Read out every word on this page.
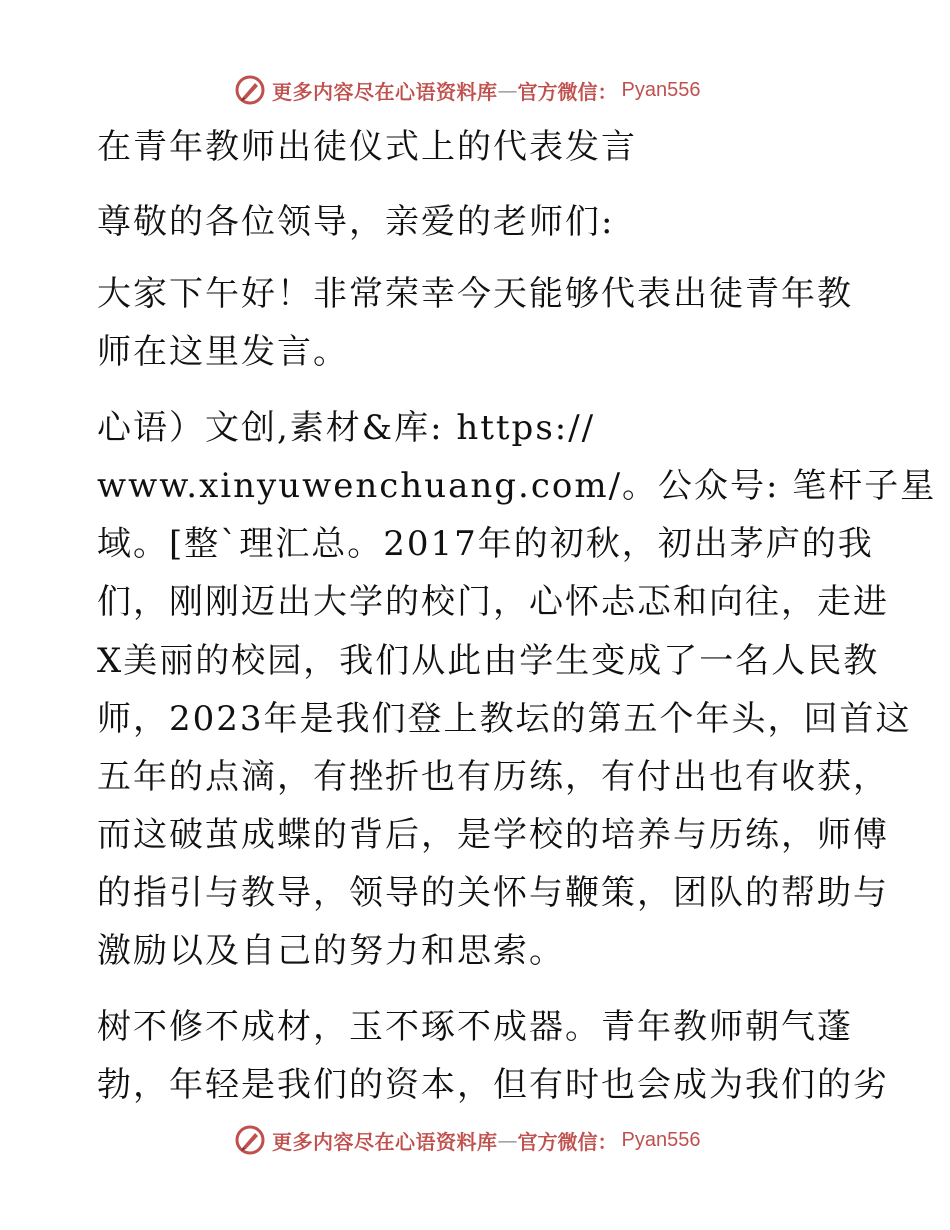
更多内容尽在心语资料库 — 官方微信： Pyan556
在青年教师出徒仪式上的代表发言
尊敬的各位领导，亲爱的老师们:
大家下午好！非常荣幸今天能够代表出徒青年教
师在这里发言。
心语）文创,素材&库: https://
www.xinyuwenchuang.com/。公众号: 笔杆子星
域。[整`理汇总。2017年的初秋，初出茅庐的我
们，刚刚迈出大学的校门，心怀忐忑和向往，走进
X美丽的校园，我们从此由学生变成了一名人民教
师，2023年是我们登上教坛的第五个年头，回首这
五年的点滴，有挫折也有历练，有付出也有收获，
而这破茧成蝶的背后，是学校的培养与历练，师傅
的指引与教导，领导的关怀与鞭策，团队的帮助与
激励以及自己的努力和思索。
树不修不成材，玉不琢不成器。青年教师朝气蓬
勃，年轻是我们的资本，但有时也会成为我们的劣
更多内容尽在心语资料库 — 官方微信： Pyan556
